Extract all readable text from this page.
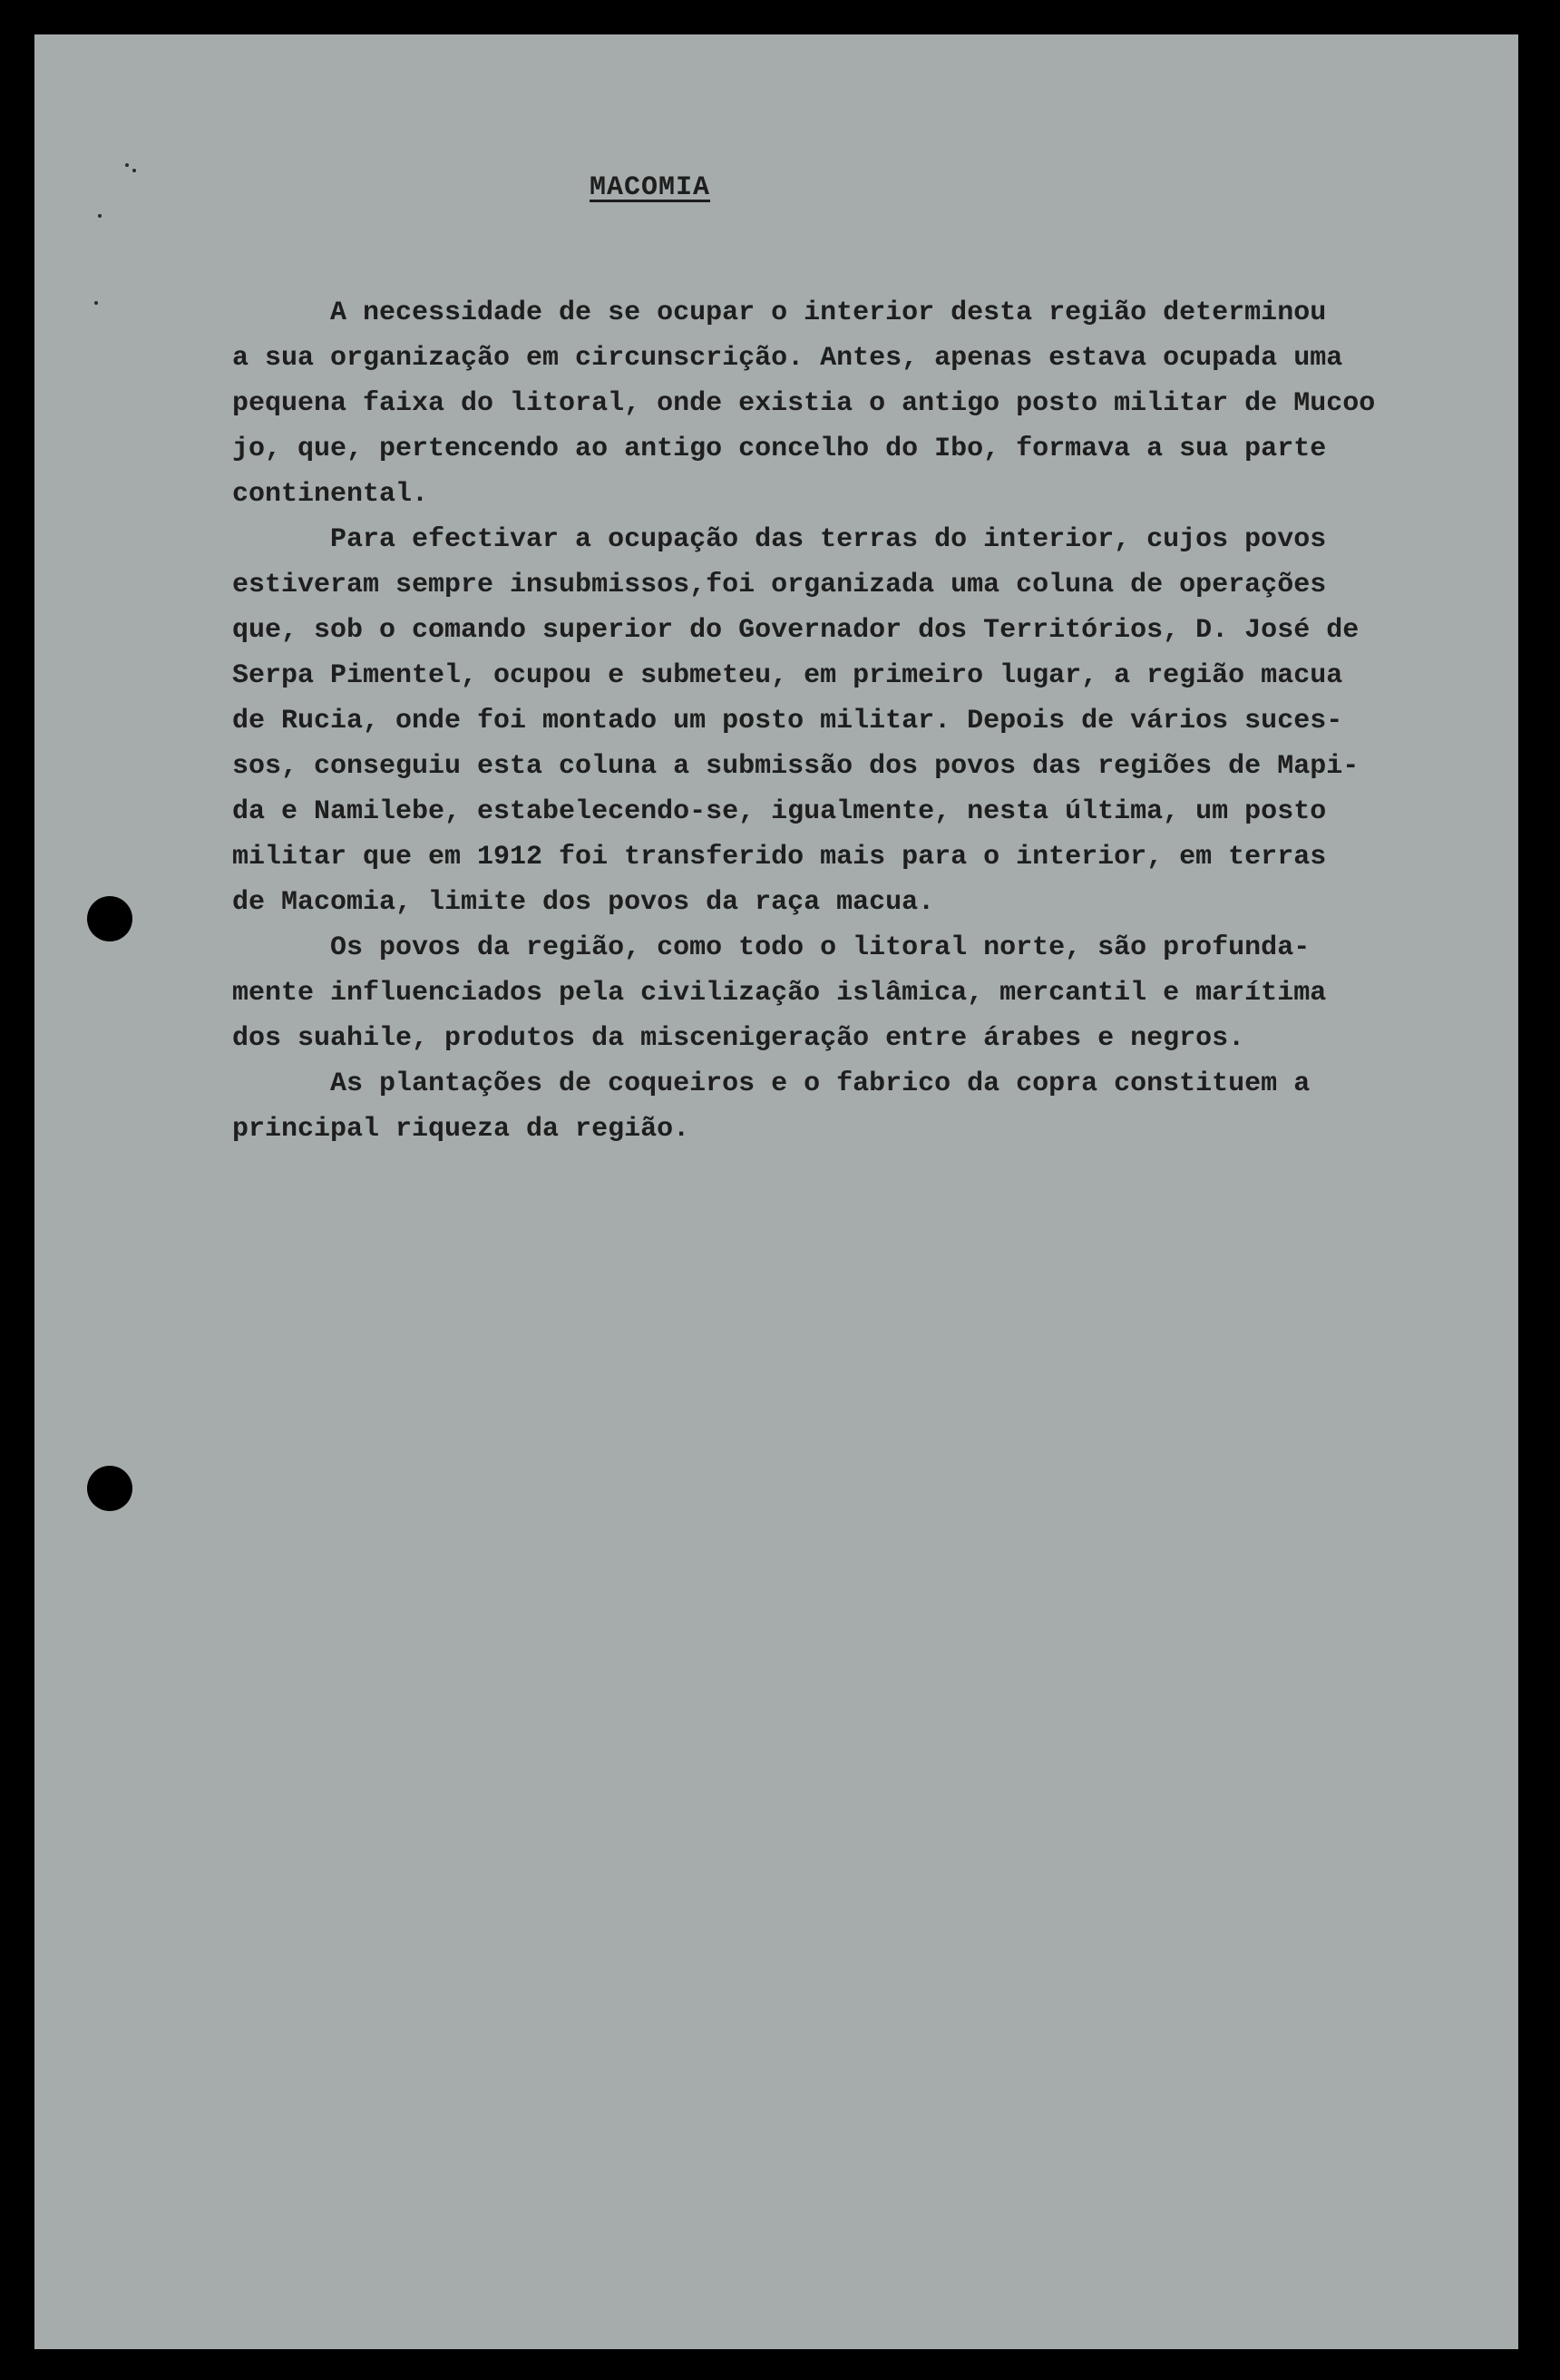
MACOMIA
A necessidade de se ocupar o interior desta região determinou
a sua organização em circunscrição. Antes, apenas estava ocupada uma
pequena faixa do litoral, onde existia o antigo posto militar de Mucoo
jo, que, pertencendo ao antigo concelho do Ibo, formava a sua parte
continental.
Para efectivar a ocupação das terras do interior, cujos povos
estiveram sempre insubmissos,foi organizada uma coluna de operações
que, sob o comando superior do Governador dos Territórios, D. José de
Serpa Pimentel, ocupou e submeteu, em primeiro lugar, a região macua
de Rucia, onde foi montado um posto militar. Depois de vários suces-
sos, conseguiu esta coluna a submissão dos povos das regiões de Mapi-
da e Namilebe, estabelecendo-se, igualmente, nesta última, um posto
militar que em 1912 foi transferido mais para o interior, em terras
de Macomia, limite dos povos da raça macua.
Os povos da região, como todo o litoral norte, são profunda-
mente influenciados pela civilização islâmica, mercantil e marítima
dos suahile, produtos da miscenigeração entre árabes e negros.
As plantações de coqueiros e o fabrico da copra constituem a
principal riqueza da região.
